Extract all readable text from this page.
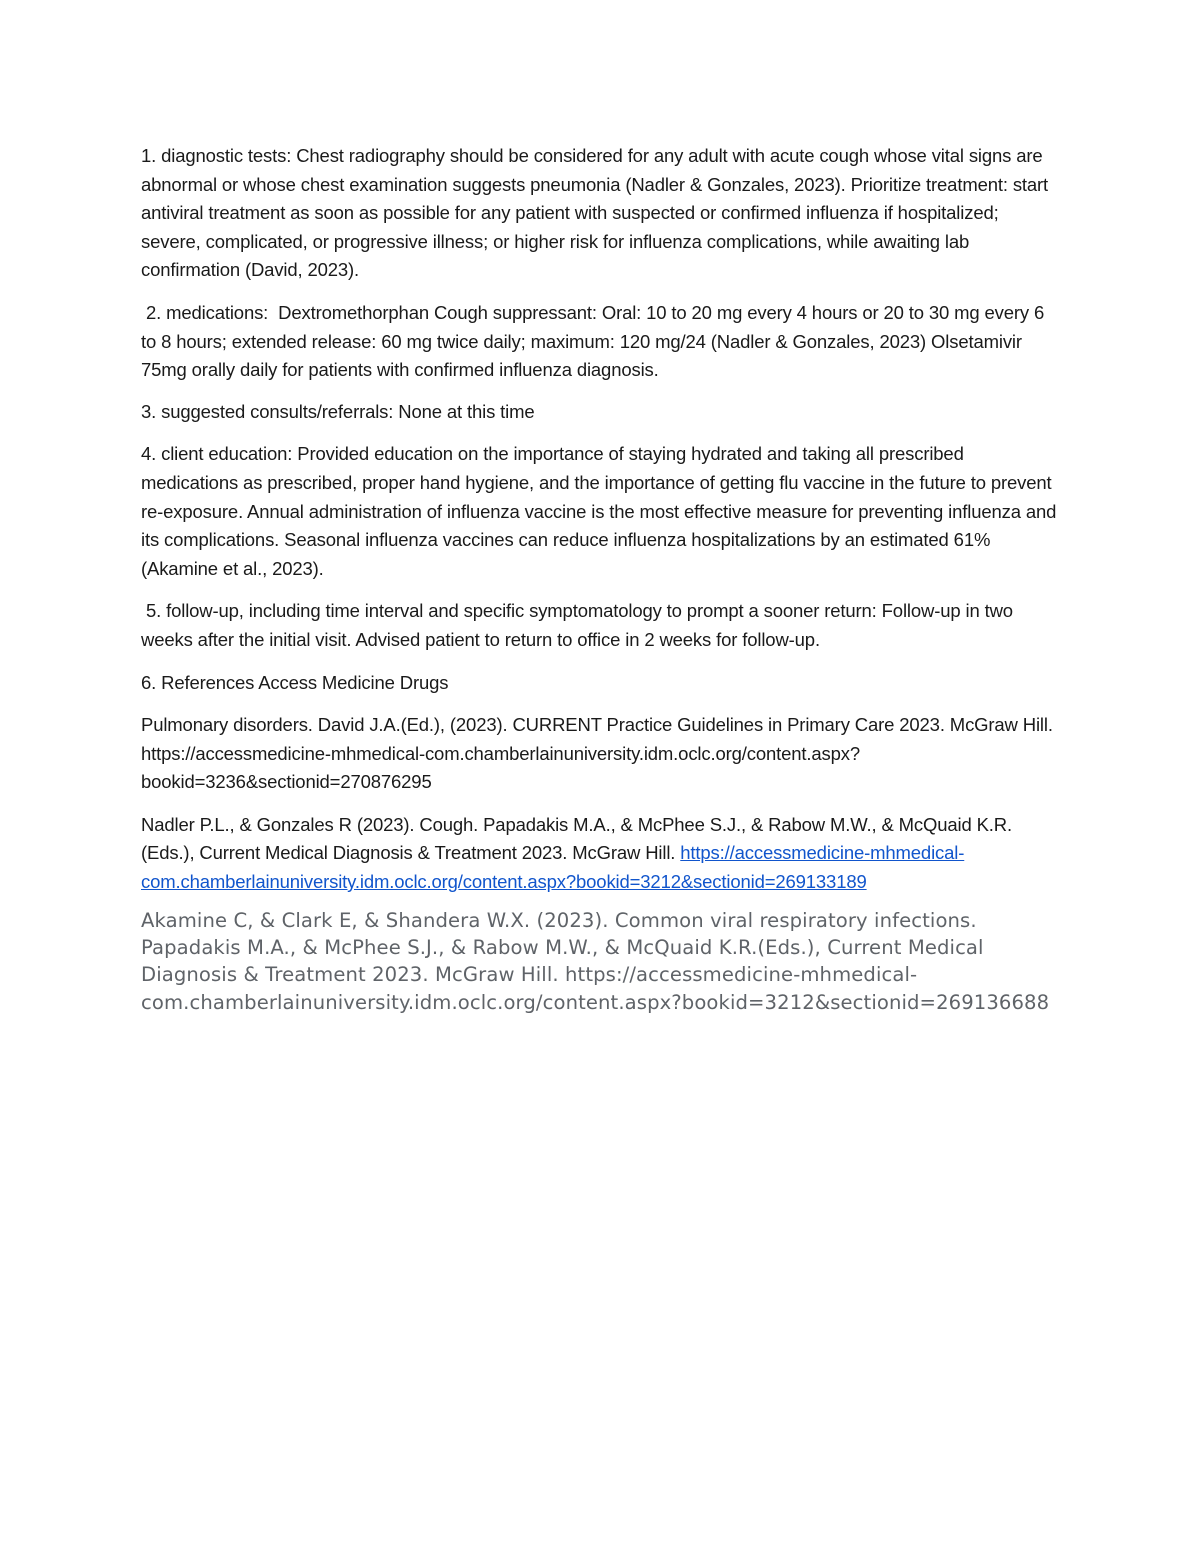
1. diagnostic tests: Chest radiography should be considered for any adult with acute cough whose vital signs are abnormal or whose chest examination suggests pneumonia (Nadler & Gonzales, 2023). Prioritize treatment: start antiviral treatment as soon as possible for any patient with suspected or confirmed influenza if hospitalized; severe, complicated, or progressive illness; or higher risk for influenza complications, while awaiting lab confirmation (David, 2023).

2. medications:  Dextromethorphan Cough suppressant: Oral: 10 to 20 mg every 4 hours or 20 to 30 mg every 6 to 8 hours; extended release: 60 mg twice daily; maximum: 120 mg/24 (Nadler & Gonzales, 2023) Olsetamivir 75mg orally daily for patients with confirmed influenza diagnosis.

3. suggested consults/referrals: None at this time

4. client education: Provided education on the importance of staying hydrated and taking all prescribed medications as prescribed, proper hand hygiene, and the importance of getting flu vaccine in the future to prevent re-exposure. Annual administration of influenza vaccine is the most effective measure for preventing influenza and its complications. Seasonal influenza vaccines can reduce influenza hospitalizations by an estimated 61% (Akamine et al., 2023).

5. follow-up, including time interval and specific symptomatology to prompt a sooner return: Follow-up in two weeks after the initial visit. Advised patient to return to office in 2 weeks for follow-up.

6. References Access Medicine Drugs

Pulmonary disorders. David J.A.(Ed.), (2023). CURRENT Practice Guidelines in Primary Care 2023. McGraw Hill. https://accessmedicine-mhmedical-com.chamberlainuniversity.idm.oclc.org/content.aspx?bookid=3236&sectionid=270876295

Nadler P.L., & Gonzales R (2023). Cough. Papadakis M.A., & McPhee S.J., & Rabow M.W., & McQuaid K.R. (Eds.), Current Medical Diagnosis & Treatment 2023. McGraw Hill. https://accessmedicine-mhmedical-com.chamberlainuniversity.idm.oclc.org/content.aspx?bookid=3212&sectionid=269133189

Akamine C, & Clark E, & Shandera W.X. (2023). Common viral respiratory infections. Papadakis M.A., & McPhee S.J., & Rabow M.W., & McQuaid K.R.(Eds.), Current Medical Diagnosis & Treatment 2023. McGraw Hill. https://accessmedicine-mhmedical-com.chamberlainuniversity.idm.oclc.org/content.aspx?bookid=3212&sectionid=269136688
